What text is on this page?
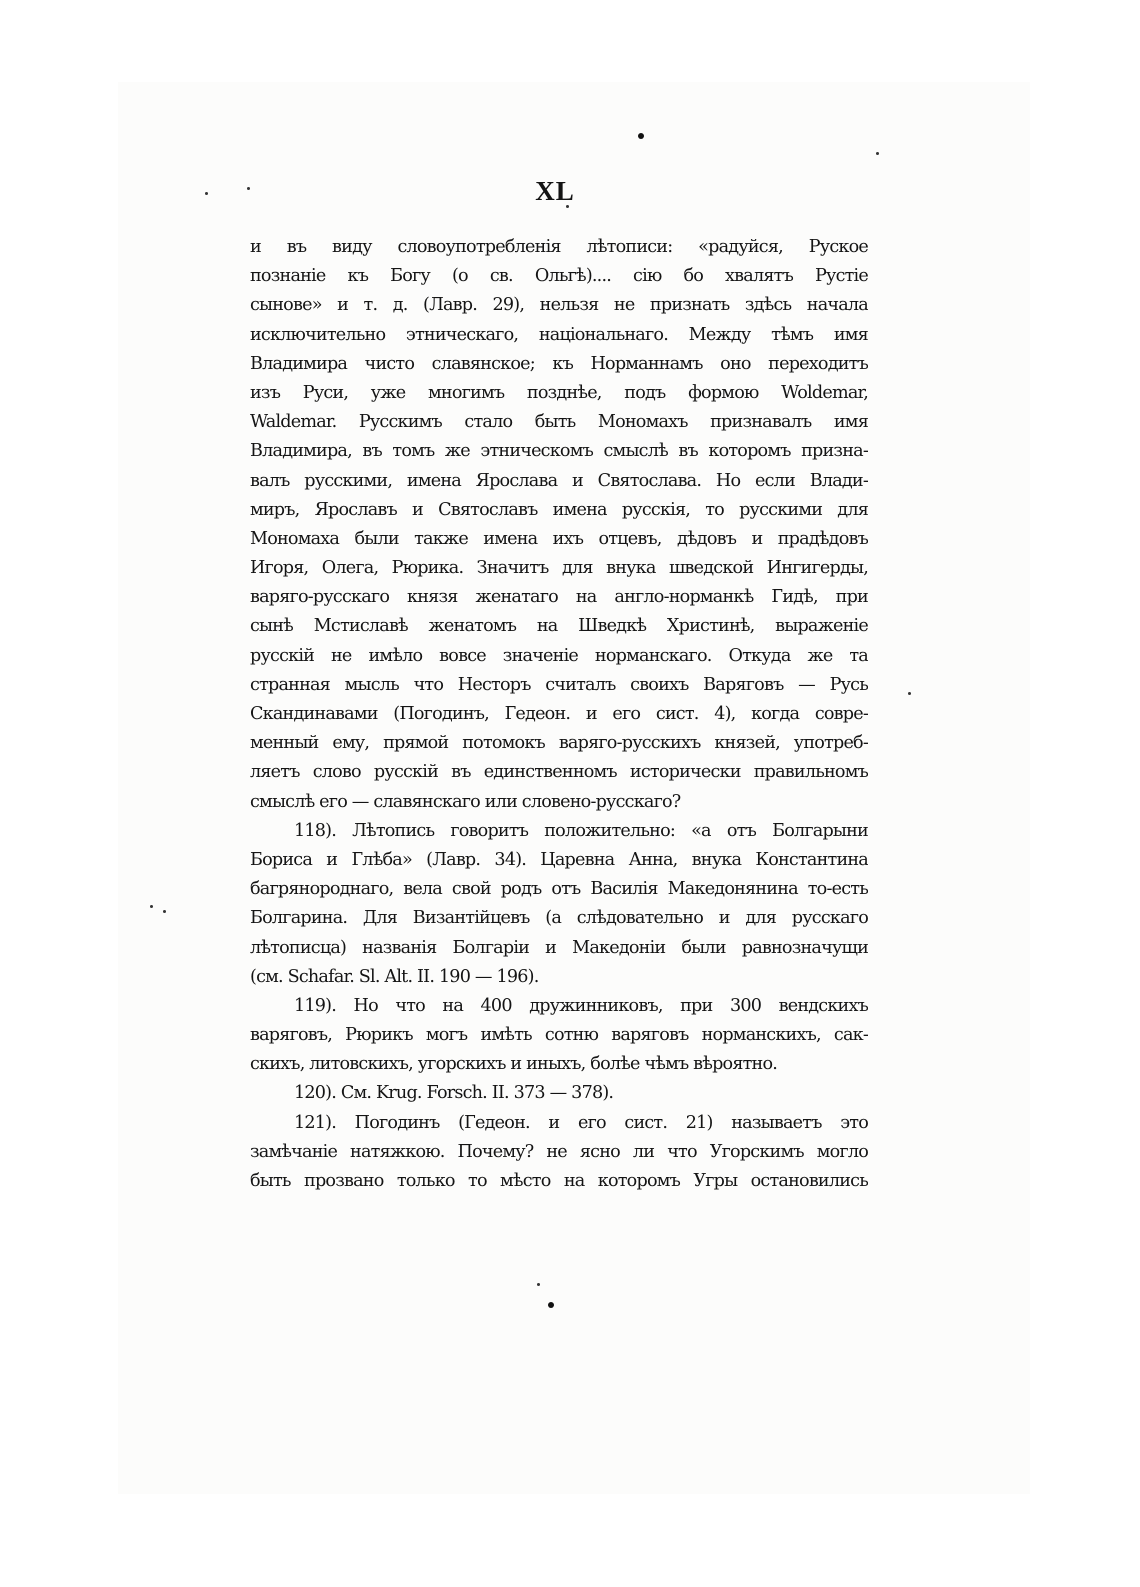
XL
и въ виду словоупотребленія лѣтописи: «радуйся, Руское
познаніе къ Богу (о св. Ольгѣ).... сію бо хвалятъ Рустіе
сынове» и т. д. (Лавр. 29), нельзя не признать здѣсь начала
исключительно этническаго, національнаго. Между тѣмъ имя
Владимира чисто славянское; къ Норманнамъ оно переходитъ
изъ Руси, уже многимъ позднѣе, подъ формою Woldemar,
Waldemar. Русскимъ стало быть Мономахъ признавалъ имя
Владимира, въ томъ же этническомъ смыслѣ въ которомъ призна-
валъ русскими, имена Ярослава и Святослава. Но если Влади-
миръ, Ярославъ и Святославъ имена русскія, то русскими для
Мономаха были также имена ихъ отцевъ, дѣдовъ и прадѣдовъ
Игоря, Олега, Рюрика. Значитъ для внука шведской Ингигерды,
варяго-русскаго князя женатаго на англо-норманкѣ Гидѣ, при
сынѣ Мстиславѣ женатомъ на Шведкѣ Христинѣ, выраженіе
русскій не имѣло вовсе значеніе норманскаго. Откуда же та
странная мысль что Несторъ считалъ своихъ Варяговъ — Русь
Скандинавами (Погодинъ, Гедеон. и его сист. 4), когда совре-
менный ему, прямой потомокъ варяго-русскихъ князей, употреб-
ляетъ слово русскій въ единственномъ исторически правильномъ
смыслѣ его — славянскаго или словено-русскаго?
118). Лѣтопись говоритъ положительно: «а отъ Болгарыни
Бориса и Глѣба» (Лавр. 34). Царевна Анна, внука Константина
багрянороднаго, вела свой родъ отъ Василія Македонянина то-есть
Болгарина. Для Византійцевъ (а слѣдовательно и для русскаго
лѣтописца) названія Болгаріи и Македоніи были равнозначущи
(см. Schafar. Sl. Alt. II. 190 — 196).
119). Но что на 400 дружинниковъ, при 300 вендскихъ
варяговъ, Рюрикъ могъ имѣть сотню варяговъ норманскихъ, сак-
скихъ, литовскихъ, угорскихъ и иныхъ, болѣе чѣмъ вѣроятно.
120). См. Krug. Forsch. II. 373 — 378).
121). Погодинъ (Гедеон. и его сист. 21) называетъ это
замѣчаніе натяжкою. Почему? не ясно ли что Угорскимъ могло
быть прозвано только то мѣсто на которомъ Угры остановились
